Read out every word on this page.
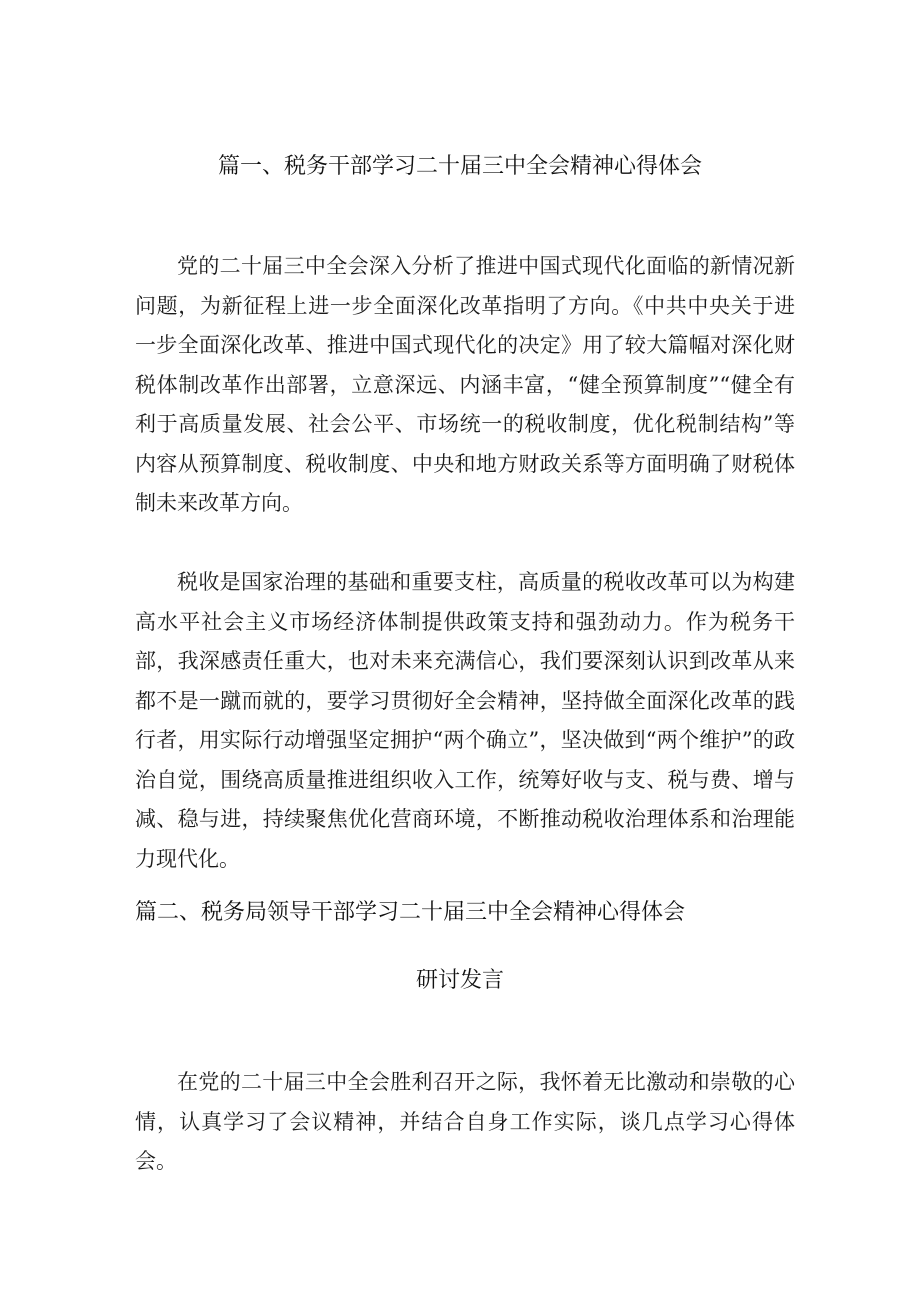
篇一、税务干部学习二十届三中全会精神心得体会

党的二十届三中全会深入分析了推进中国式现代化面临的新情况新问题，为新征程上进一步全面深化改革指明了方向。《中共中央关于进一步全面深化改革、推进中国式现代化的决定》用了较大篇幅对深化财税体制改革作出部署，立意深远、内涵丰富，“健全预算制度”“健全有利于高质量发展、社会公平、市场统一的税收制度，优化税制结构”等内容从预算制度、税收制度、中央和地方财政关系等方面明确了财税体制未来改革方向。

税收是国家治理的基础和重要支柱，高质量的税收改革可以为构建高水平社会主义市场经济体制提供政策支持和强劲动力。作为税务干部，我深感责任重大，也对未来充满信心，我们要深刻认识到改革从来都不是一蹴而就的，要学习贯彻好全会精神，坚持做全面深化改革的践行者，用实际行动增强坚定拥护“两个确立”，坚决做到“两个维护”的政治自觉，围绕高质量推进组织收入工作，统筹好收与支、税与费、增与减、稳与进，持续聚焦优化营商环境，不断推动税收治理体系和治理能力现代化。

篇二、税务局领导干部学习二十届三中全会精神心得体会
研讨发言

在党的二十届三中全会胜利召开之际，我怀着无比激动和崇敬的心情，认真学习了会议精神，并结合自身工作实际，谈几点学习心得体会。
